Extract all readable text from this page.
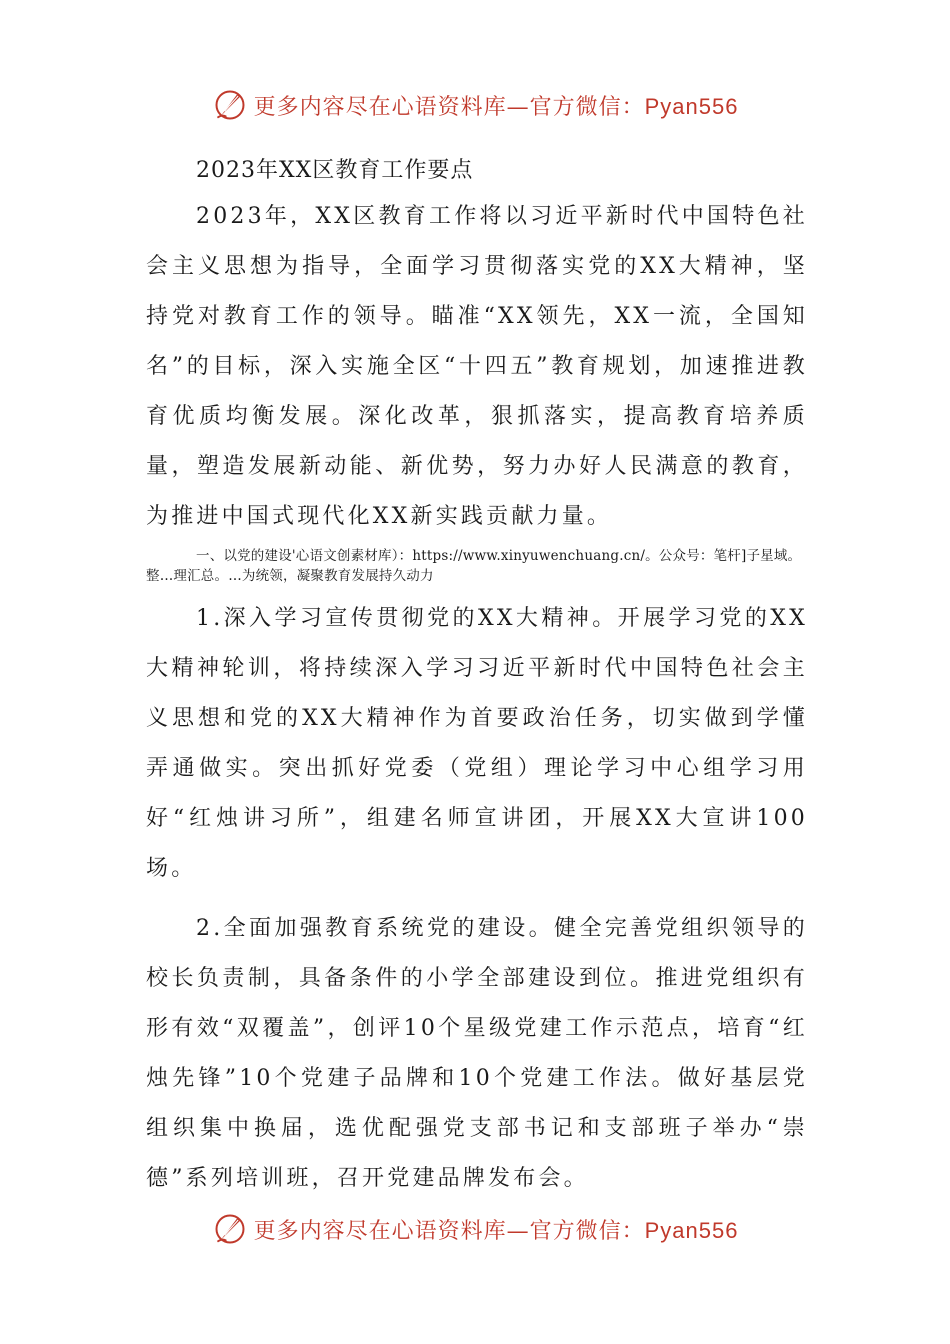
更多内容尽在心语资料库—官方微信：Pyan556
2023年XX区教育工作要点

2023年，XX区教育工作将以习近平新时代中国特色社会主义思想为指导，全面学习贯彻落实党的XX大精神，坚持党对教育工作的领导。瞄准“XX领先，XX一流，全国知名”的目标，深入实施全区“十四五”教育规划，加速推进教育优质均衡发展。深化改革，狠抓落实，提高教育培养质量，塑造发展新动能、新优势，努力办好人民满意的教育，为推进中国式现代化XX新实践贡献力量。

一、以党的建设'心语文创素材库）：https://www.xinyuwenchuang.cn/。公众号：笔杆]子星域。整…理汇总。…为统领，凝聚教育发展持久动力

1.深入学习宣传贯彻党的XX大精神。开展学习党的XX大精神轮训，将持续深入学习习近平新时代中国特色社会主义思想和党的XX大精神作为首要政治任务，切实做到学懂弄通做实。突出抓好党委（党组）理论学习中心组学习用好“红烛讲习所”，组建名师宣讲团，开展XX大宣讲100场。

2.全面加强教育系统党的建设。健全完善党组织领导的校长负责制，具备条件的小学全部建设到位。推进党组织有形有效“双覆盖”，创评10个星级党建工作示范点，培育“红烛先锋”10个党建子品牌和10个党建工作法。做好基层党组织集中换届，选优配强党支部书记和支部班子举办“崇德”系列培训班，召开党建品牌发布会。

更多内容尽在心语资料库—官方微信：Pyan556
